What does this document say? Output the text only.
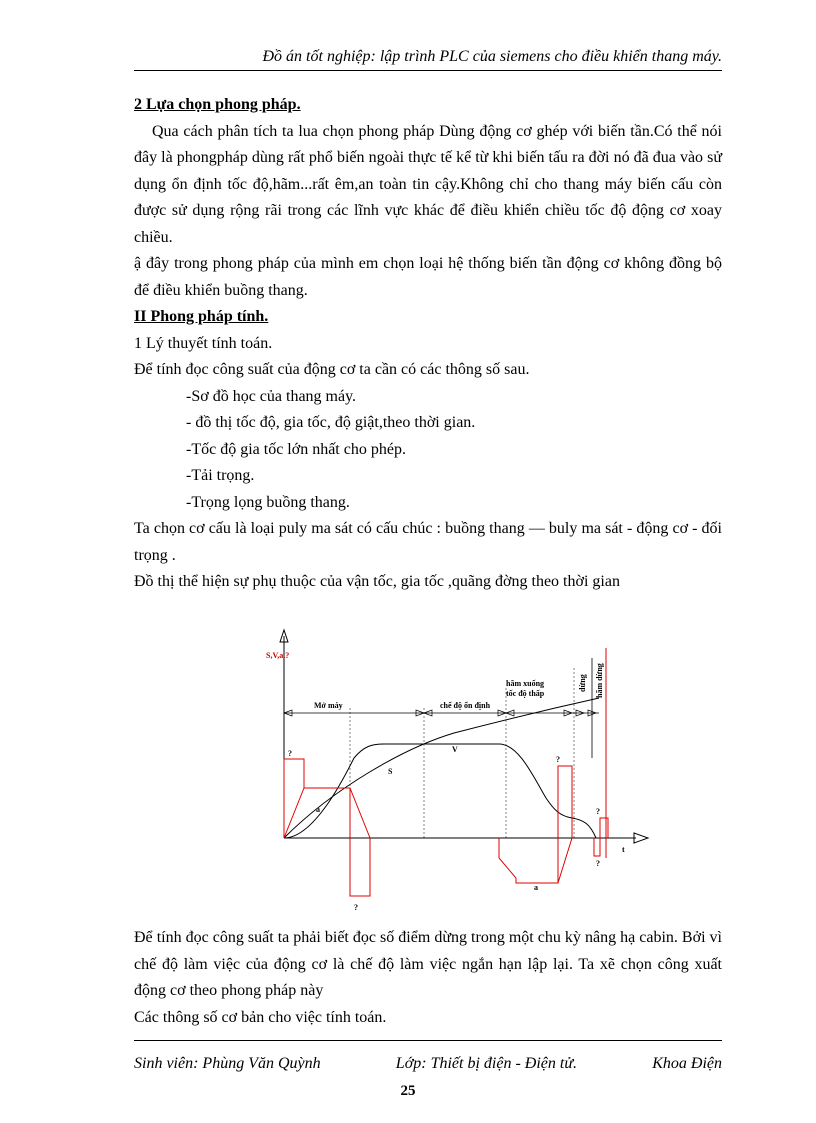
Đồ án tốt nghiệp: lập trình PLC của siemens cho điều khiển thang máy.
2 Lựa chọn phong pháp.
Qua cách phân tích ta lua chọn phong pháp Dùng động cơ ghép với biến tần.Có thể nói đây là phongpháp dùng rất phổ biến ngoài thực tế kể từ khi biến tấu ra đời nó đã đua vào sử dụng ổn định tốc độ,hãm...rất êm,an toàn tin cậy.Không chỉ cho thang máy biến cấu còn được sử dụng rộng rãi trong các lĩnh vực khác để điều khiển chiều tốc độ động cơ xoay chiều.
ậ đây trong phong pháp của mình em chọn loại hệ thống biến tần động cơ không đồng bộ để điều khiển buồng thang.
II Phong pháp tính.
1 Lý thuyết tính toán.
Để tính đọc công suất của động cơ ta cần có các thông số sau.
-Sơ đồ học của thang máy.
- đồ thị tốc độ, gia tốc, độ giật,theo thời gian.
-Tốc độ gia tốc lớn nhất cho phép.
-Tải trọng.
-Trọng lọng buồng thang.
Ta chọn cơ cấu là loại puly ma sát có cấu chúc : buồng thang — buly ma sát - động cơ - đối trọng .
Đồ thị thể hiện sự phụ thuộc của vận tốc, gia tốc ,quãng đờng theo thời gian
S,V,a,?
t
Mở máy	chế độ ổn định
hãm xuống
tốc độ thấp
dừng hãm dừng
V
S
a
a
?
?
?
?
?
Để tính đọc công suất ta phải biết đọc số điểm dừng trong một chu kỳ nâng hạ cabin. Bởi vì chế độ làm việc của động cơ là chế độ làm việc ngắn hạn lập lại. Ta xẽ chọn công xuất động cơ theo phong pháp này
Các thông số cơ bản cho việc tính toán.
Sinh viên: Phùng Văn Quỳnh	Lớp: Thiết bị điện - Điện tử.	Khoa Điện
25
